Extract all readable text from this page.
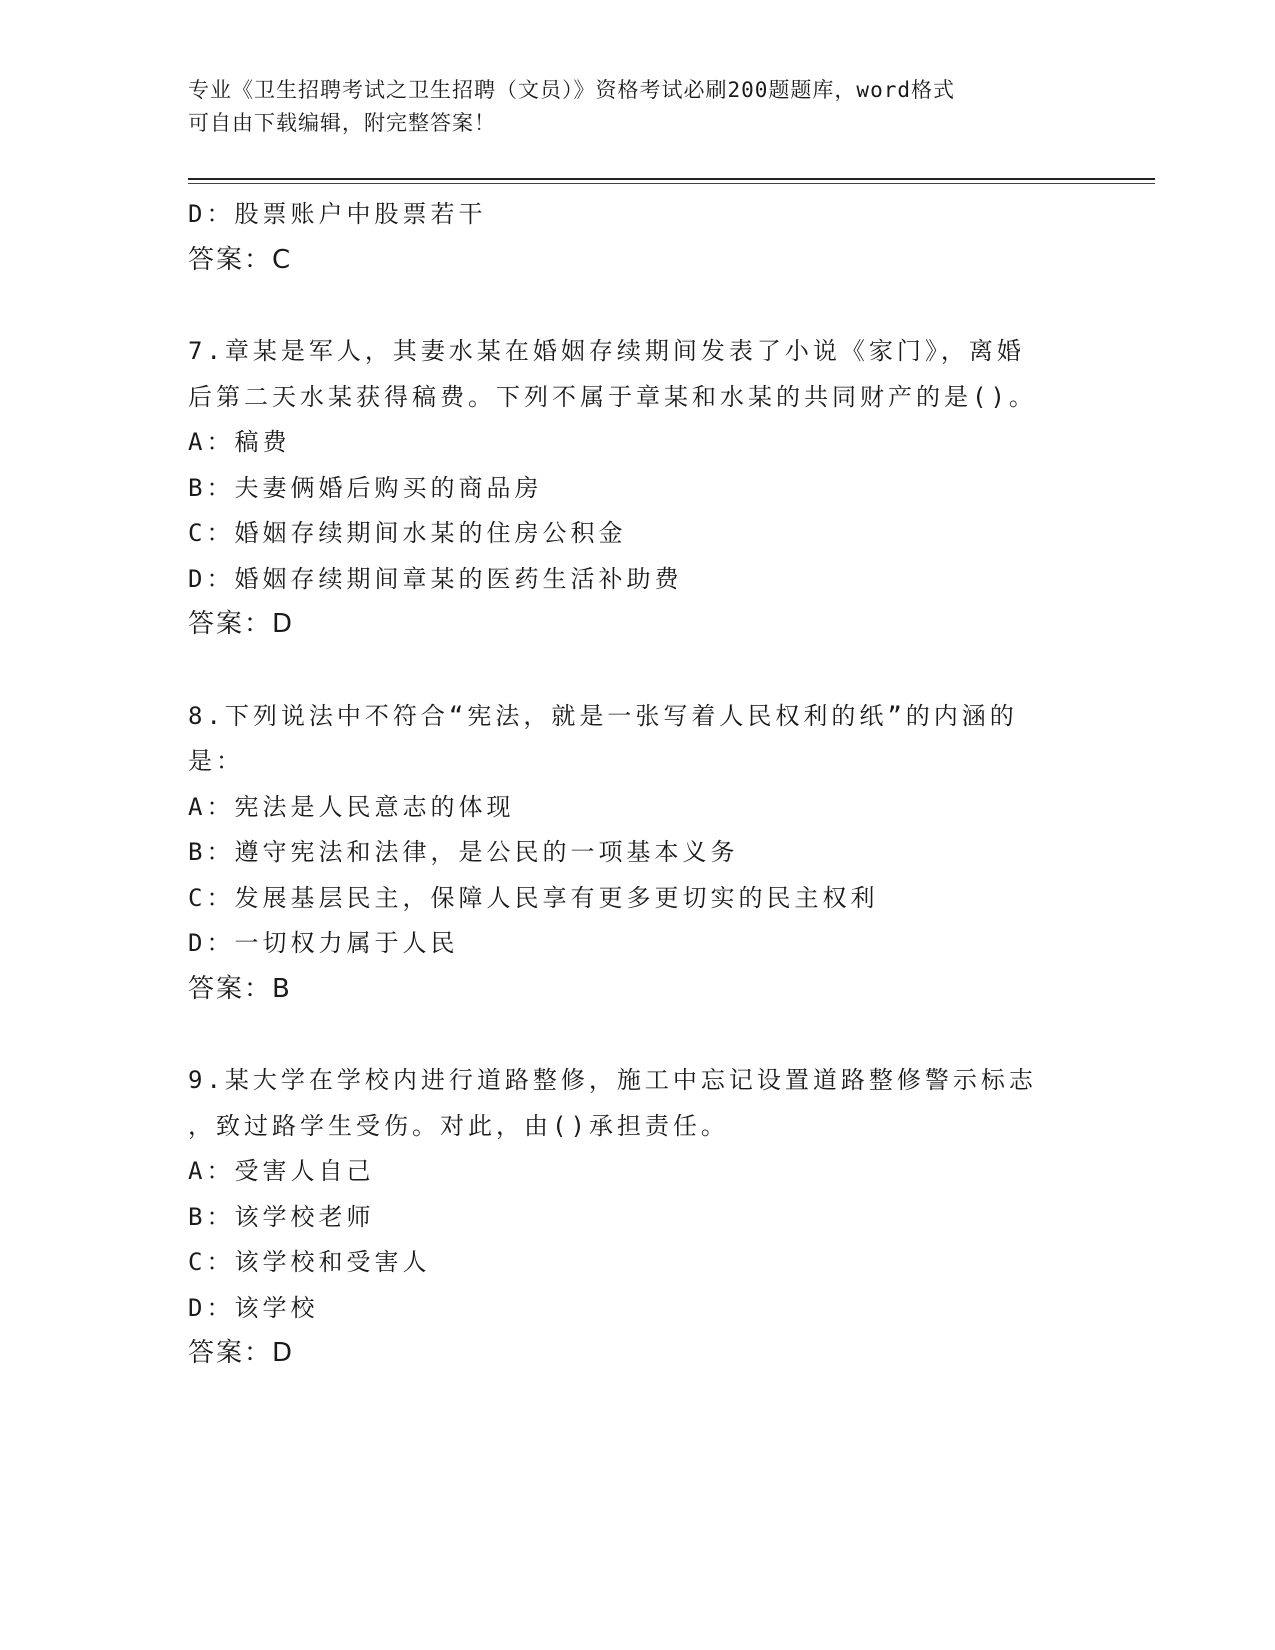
专业《卫生招聘考试之卫生招聘（文员）》资格考试必刷200题题库，word格式
可自由下载编辑，附完整答案！
D：股票账户中股票若干
答案：C
7.章某是军人，其妻水某在婚姻存续期间发表了小说《家门》，离婚
后第二天水某获得稿费。下列不属于章某和水某的共同财产的是()。
A：稿费
B：夫妻俩婚后购买的商品房
C：婚姻存续期间水某的住房公积金
D：婚姻存续期间章某的医药生活补助费
答案：D
8.下列说法中不符合“宪法，就是一张写着人民权利的纸”的内涵的
是：
A：宪法是人民意志的体现
B：遵守宪法和法律，是公民的一项基本义务
C：发展基层民主，保障人民享有更多更切实的民主权利
D：一切权力属于人民
答案：B
9.某大学在学校内进行道路整修，施工中忘记设置道路整修警示标志
，致过路学生受伤。对此，由()承担责任。
A：受害人自己
B：该学校老师
C：该学校和受害人
D：该学校
答案：D
